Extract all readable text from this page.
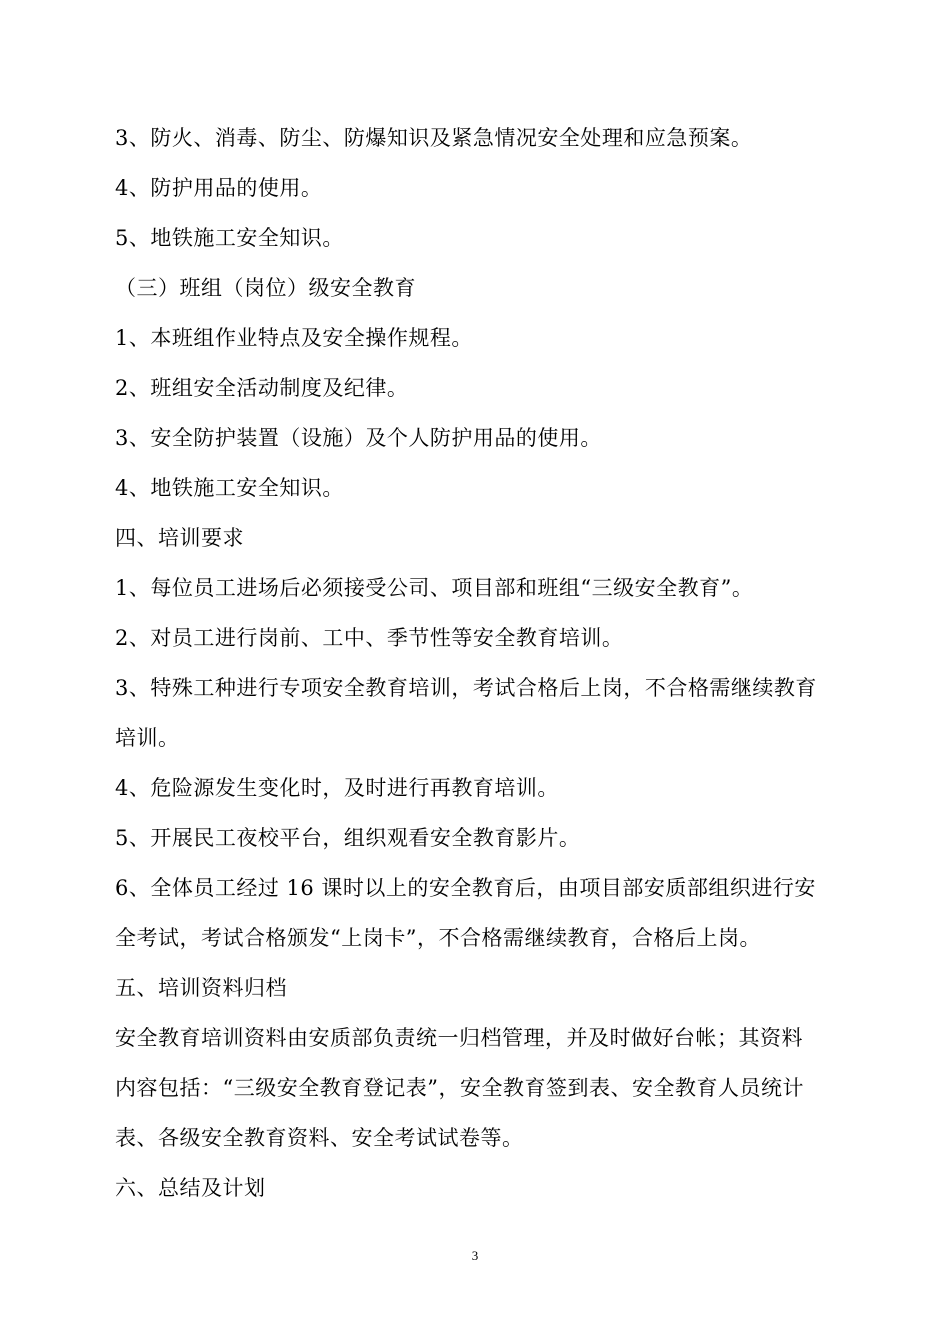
3、防火、消毒、防尘、防爆知识及紧急情况安全处理和应急预案。
4、防护用品的使用。
5、地铁施工安全知识。
（三）班组（岗位）级安全教育
1、本班组作业特点及安全操作规程。
2、班组安全活动制度及纪律。
3、安全防护装置（设施）及个人防护用品的使用。
4、地铁施工安全知识。
四、培训要求
1、每位员工进场后必须接受公司、项目部和班组“三级安全教育”。
2、对员工进行岗前、工中、季节性等安全教育培训。
3、特殊工种进行专项安全教育培训，考试合格后上岗，不合格需继续教育
培训。
4、危险源发生变化时，及时进行再教育培训。
5、开展民工夜校平台，组织观看安全教育影片。
6、全体员工经过 16 课时以上的安全教育后，由项目部安质部组织进行安
全考试，考试合格颁发“上岗卡”，不合格需继续教育，合格后上岗。
五、培训资料归档
安全教育培训资料由安质部负责统一归档管理，并及时做好台帐；其资料
内容包括：“三级安全教育登记表”，安全教育签到表、安全教育人员统计
表、各级安全教育资料、安全考试试卷等。
六、总结及计划
3
